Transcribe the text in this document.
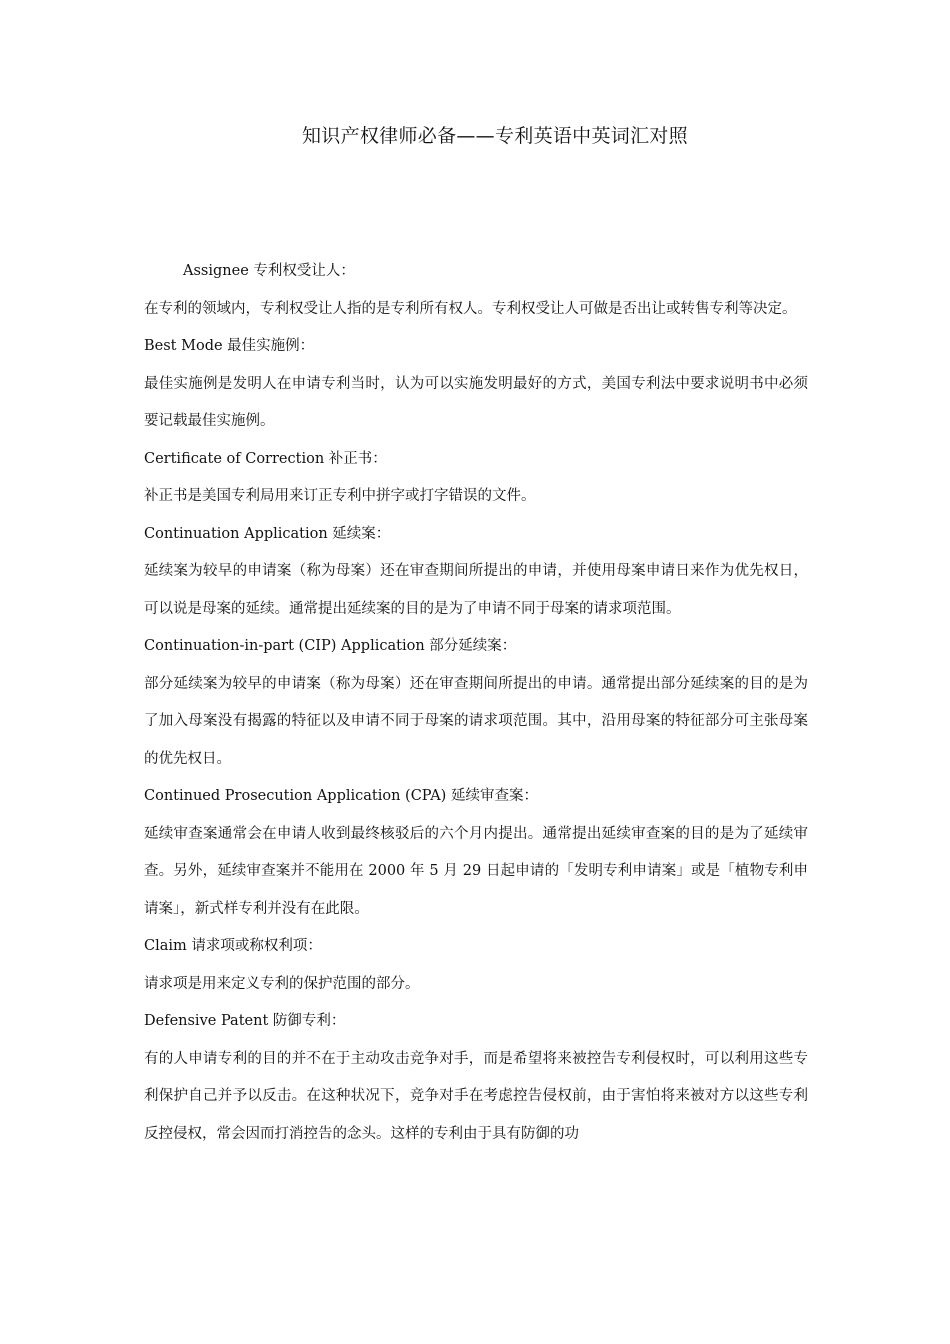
知识产权律师必备——专利英语中英词汇对照

Assignee 专利权受让人：

在专利的领域内，专利权受让人指的是专利所有权人。专利权受让人可做是否出让或转售专利等决定。

Best Mode 最佳实施例：

最佳实施例是发明人在申请专利当时，认为可以实施发明最好的方式，美国专利法中要求说明书中必须要记载最佳实施例。

Certificate of Correction 补正书：

补正书是美国专利局用来订正专利中拼字或打字错误的文件。

Continuation Application 延续案：

延续案为较早的申请案（称为母案）还在审查期间所提出的申请，并使用母案申请日来作为优先权日，可以说是母案的延续。通常提出延续案的目的是为了申请不同于母案的请求项范围。

Continuation-in-part (CIP) Application 部分延续案：

部分延续案为较早的申请案（称为母案）还在审查期间所提出的申请。通常提出部分延续案的目的是为了加入母案没有揭露的特征以及申请不同于母案的请求项范围。其中，沿用母案的特征部分可主张母案的优先权日。

Continued Prosecution Application (CPA) 延续审查案：

延续审查案通常会在申请人收到最终核驳后的六个月内提出。通常提出延续审查案的目的是为了延续审查。另外，延续审查案并不能用在 2000 年 5 月 29 日起申请的「发明专利申请案」或是「植物专利申请案」，新式样专利并没有在此限。

Claim 请求项或称权利项：

请求项是用来定义专利的保护范围的部分。

Defensive Patent 防御专利：

有的人申请专利的目的并不在于主动攻击竞争对手，而是希望将来被控告专利侵权时，可以利用这些专利保护自己并予以反击。在这种状况下，竞争对手在考虑控告侵权前，由于害怕将来被对方以这些专利反控侵权，常会因而打消控告的念头。这样的专利由于具有防御的功
